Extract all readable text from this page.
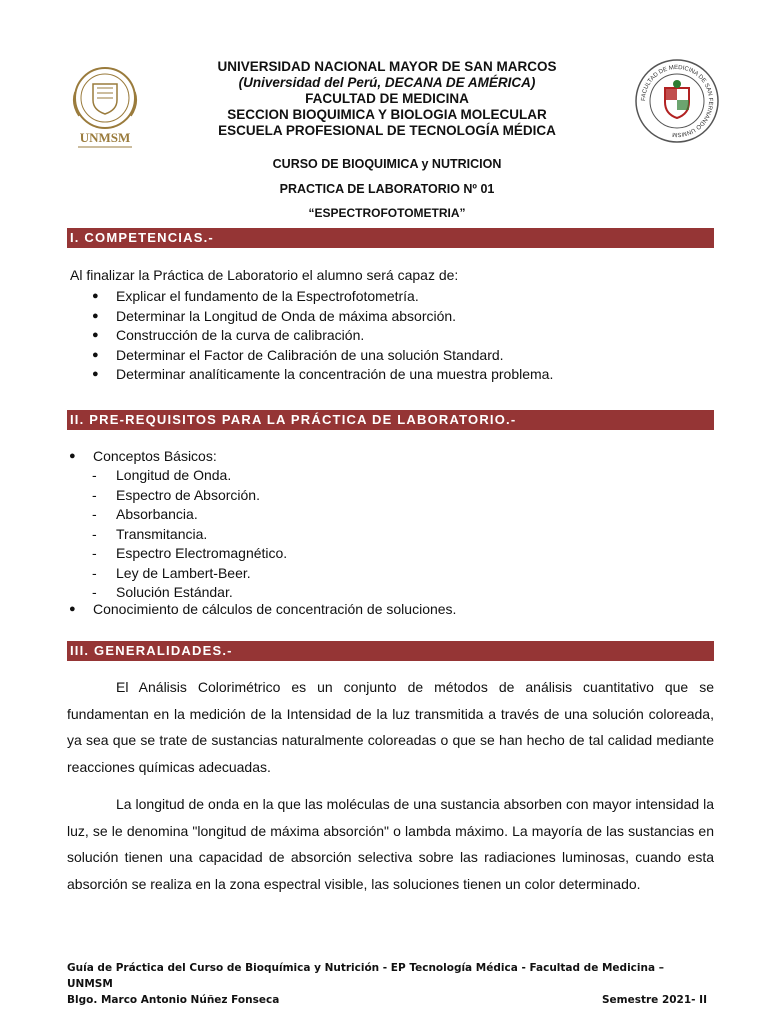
UNMSM
FACULTAD DE MEDICINA DE SAN FERNANDO UNMSM
UNIVERSIDAD NACIONAL MAYOR DE SAN MARCOS
(Universidad del Perú, DECANA DE AMÉRICA)
FACULTAD DE MEDICINA
SECCION BIOQUIMICA Y BIOLOGIA MOLECULAR
ESCUELA PROFESIONAL DE TECNOLOGÍA MÉDICA
CURSO DE BIOQUIMICA y NUTRICION
PRACTICA DE LABORATORIO Nº 01
“ESPECTROFOTOMETRIA”
I. COMPETENCIAS.-
Al finalizar la Práctica de Laboratorio el alumno será capaz de:
● Explicar el fundamento de la Espectrofotometría.
● Determinar la Longitud de Onda de máxima absorción.
● Construcción de la curva de calibración.
● Determinar el Factor de Calibración de una solución Standard.
● Determinar analíticamente la concentración de una muestra problema.
II. PRE-REQUISITOS PARA LA PRÁCTICA DE LABORATORIO.-
● Conceptos Básicos:
- Longitud de Onda.
- Espectro de Absorción.
- Absorbancia.
- Transmitancia.
- Espectro Electromagnético.
- Ley de Lambert-Beer.
- Solución Estándar.
● Conocimiento de cálculos de concentración de soluciones.
III. GENERALIDADES.-
El Análisis Colorimétrico es un conjunto de métodos de análisis cuantitativo que se fundamentan en la medición de la Intensidad de la luz transmitida a través de una solución coloreada, ya sea que se trate de sustancias naturalmente coloreadas o que se han hecho de tal calidad mediante reacciones químicas adecuadas.
La longitud de onda en la que las moléculas de una sustancia absorben con mayor intensidad la luz, se le denomina "longitud de máxima absorción" o lambda máximo. La mayoría de las sustancias en solución tienen una capacidad de absorción selectiva sobre las radiaciones luminosas, cuando esta absorción se realiza en la zona espectral visible, las soluciones tienen un color determinado.
Guía de Práctica del Curso de Bioquímica y Nutrición - EP Tecnología Médica - Facultad de Medicina – UNMSM
Blgo. Marco Antonio Núñez Fonseca	Semestre 2021- II
